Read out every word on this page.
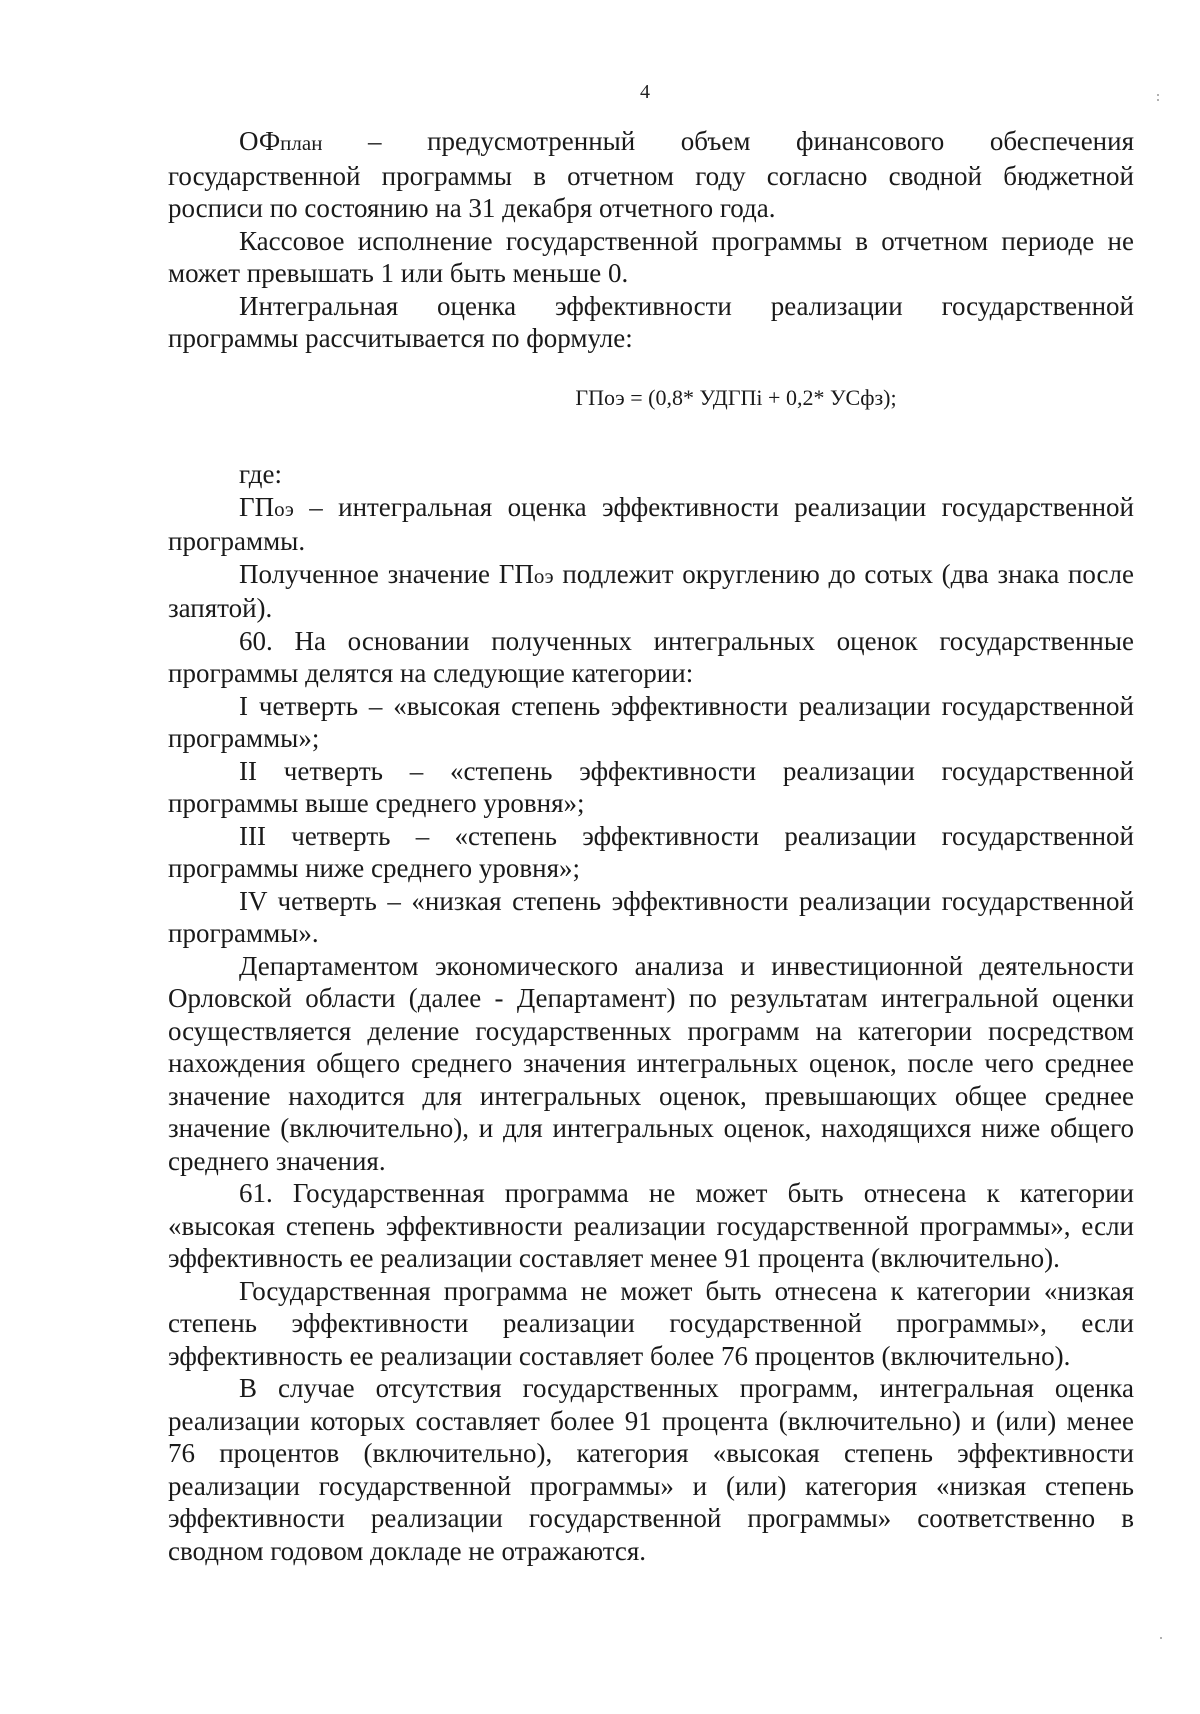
4

ОФплан – предусмотренный объем финансового обеспечения государственной программы в отчетном году согласно сводной бюджетной росписи по состоянию на 31 декабря отчетного года.

Кассовое исполнение государственной программы в отчетном периоде не может превышать 1 или быть меньше 0.

Интегральная оценка эффективности реализации государственной программы рассчитывается по формуле:

ГПоэ = (0,8* УДГПi + 0,2* УСфз);

где:

ГПоэ – интегральная оценка эффективности реализации государственной программы.

Полученное значение ГПоэ подлежит округлению до сотых (два знака после запятой).

60. На основании полученных интегральных оценок государственные программы делятся на следующие категории:

I четверть – «высокая степень эффективности реализации государственной программы»;

II четверть – «степень эффективности реализации государственной программы выше среднего уровня»;

III четверть – «степень эффективности реализации государственной программы ниже среднего уровня»;

IV четверть – «низкая степень эффективности реализации государственной программы».

Департаментом экономического анализа и инвестиционной деятельности Орловской области (далее - Департамент) по результатам интегральной оценки осуществляется деление государственных программ на категории посредством нахождения общего среднего значения интегральных оценок, после чего среднее значение находится для интегральных оценок, превышающих общее среднее значение (включительно), и для интегральных оценок, находящихся ниже общего среднего значения.

61. Государственная программа не может быть отнесена к категории «высокая степень эффективности реализации государственной программы», если эффективность ее реализации составляет менее 91 процента (включительно).

Государственная программа не может быть отнесена к категории «низкая степень эффективности реализации государственной программы», если эффективность ее реализации составляет более 76 процентов (включительно).

В случае отсутствия государственных программ, интегральная оценка реализации которых составляет более 91 процента (включительно) и (или) менее 76 процентов (включительно), категория «высокая степень эффективности реализации государственной программы» и (или) категория «низкая степень эффективности реализации государственной программы» соответственно в сводном годовом докладе не отражаются.
